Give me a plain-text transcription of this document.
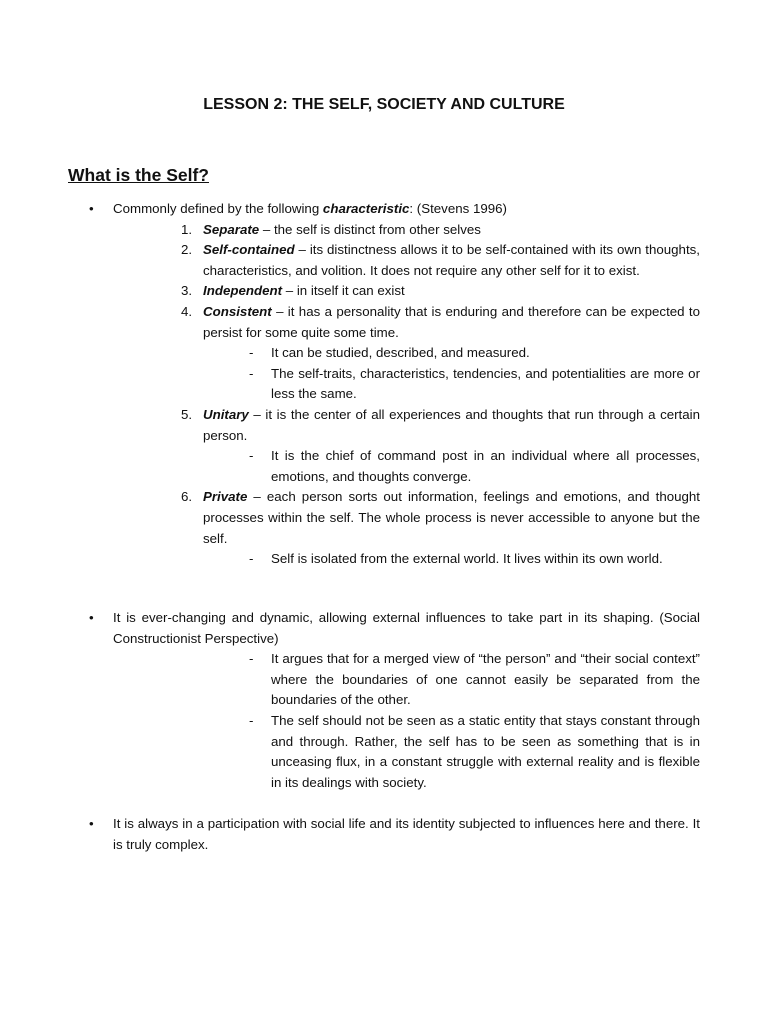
LESSON 2: THE SELF, SOCIETY AND CULTURE
What is the Self?
• Commonly defined by the following characteristic: (Stevens 1996)
1. Separate – the self is distinct from other selves
2. Self-contained – its distinctness allows it to be self-contained with its own thoughts, characteristics, and volition. It does not require any other self for it to exist.
3. Independent – in itself it can exist
4. Consistent – it has a personality that is enduring and therefore can be expected to persist for some quite some time.
- It can be studied, described, and measured.
- The self-traits, characteristics, tendencies, and potentialities are more or less the same.
5. Unitary – it is the center of all experiences and thoughts that run through a certain person.
- It is the chief of command post in an individual where all processes, emotions, and thoughts converge.
6. Private – each person sorts out information, feelings and emotions, and thought processes within the self. The whole process is never accessible to anyone but the self.
- Self is isolated from the external world. It lives within its own world.
• It is ever-changing and dynamic, allowing external influences to take part in its shaping. (Social Constructionist Perspective)
- It argues that for a merged view of “the person” and “their social context” where the boundaries of one cannot easily be separated from the boundaries of the other.
- The self should not be seen as a static entity that stays constant through and through. Rather, the self has to be seen as something that is in unceasing flux, in a constant struggle with external reality and is flexible in its dealings with society.
• It is always in a participation with social life and its identity subjected to influences here and there. It is truly complex.
